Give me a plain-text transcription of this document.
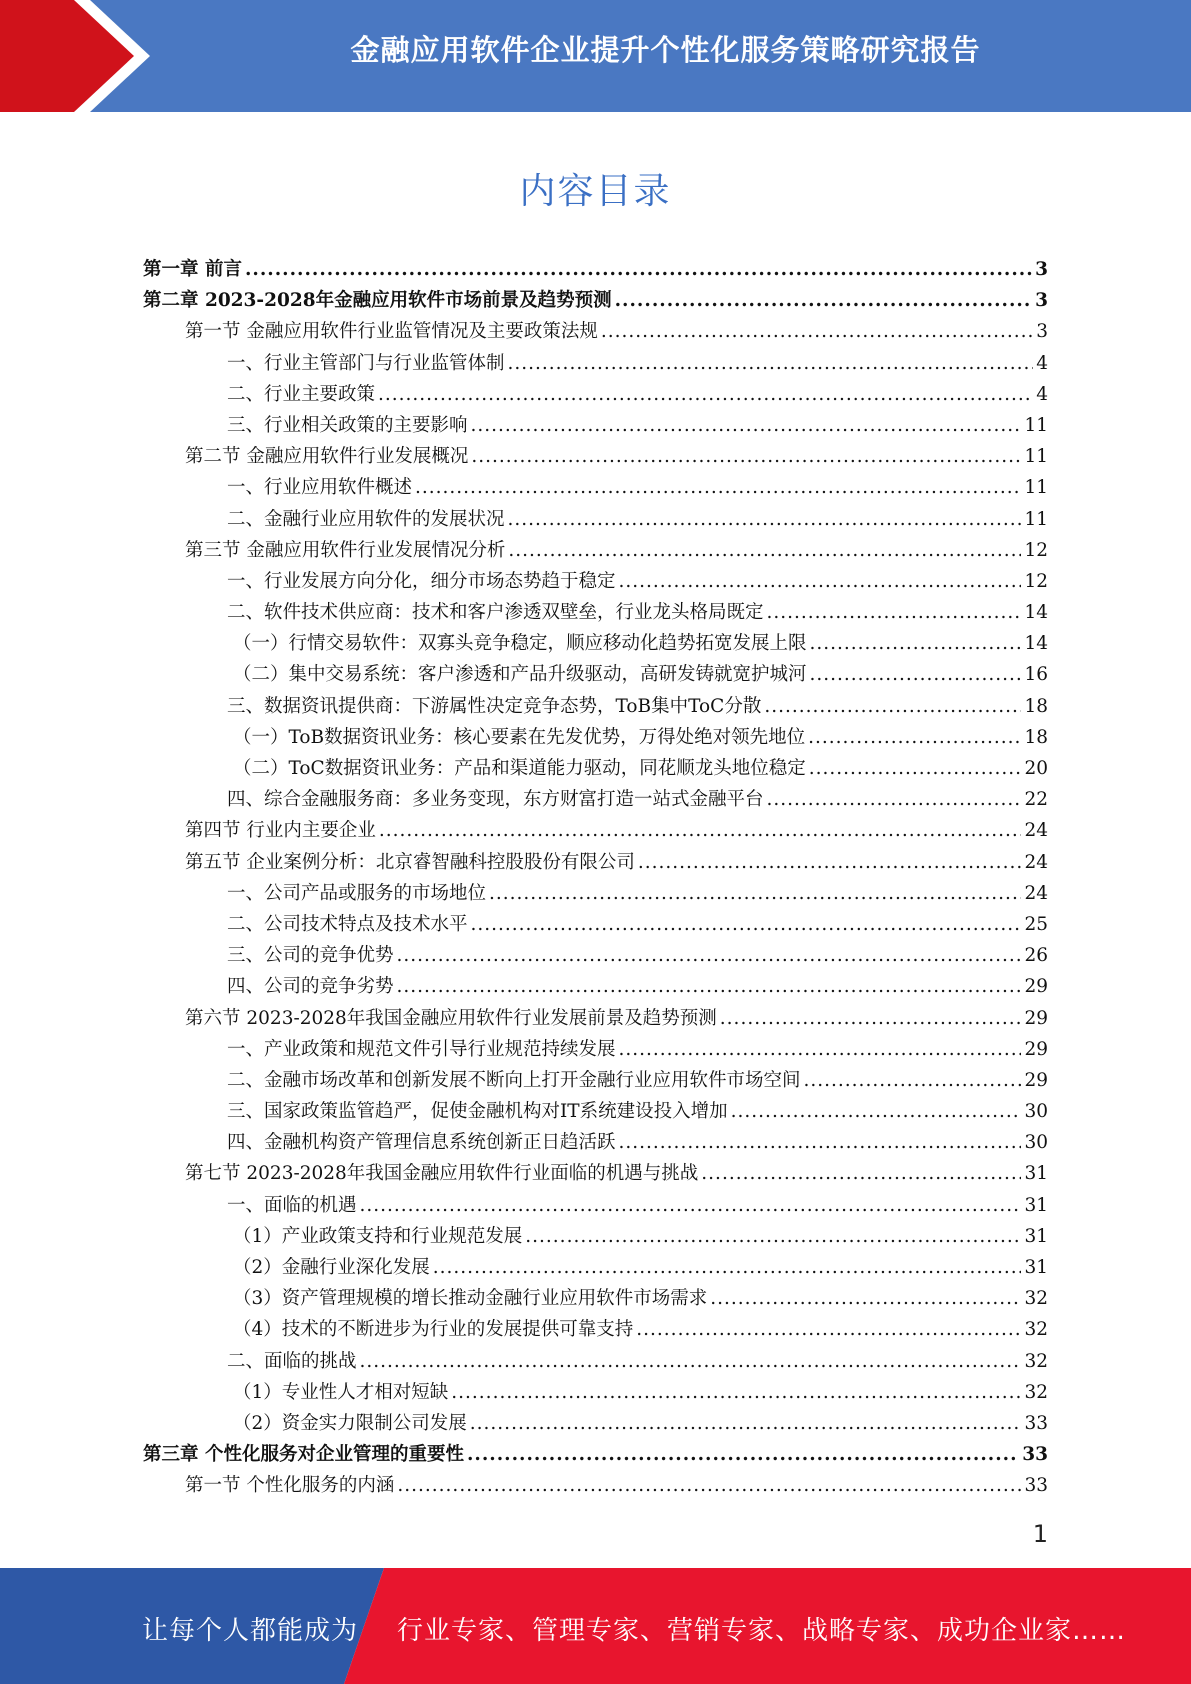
金融应用软件企业提升个性化服务策略研究报告
内容目录
第一章 前言 .....	3
第二章 2023-2028年金融应用软件市场前景及趋势预测 .....	3
第一节 金融应用软件行业监管情况及主要政策法规 .....	3
一、行业主管部门与行业监管体制 .....	4
二、行业主要政策 .....	4
三、行业相关政策的主要影响 .....	11
第二节 金融应用软件行业发展概况 .....	11
一、行业应用软件概述 .....	11
二、金融行业应用软件的发展状况 .....	11
第三节 金融应用软件行业发展情况分析 .....	12
一、行业发展方向分化，细分市场态势趋于稳定 .....	12
二、软件技术供应商：技术和客户渗透双壁垒，行业龙头格局既定 .....	14
（一）行情交易软件：双寡头竞争稳定，顺应移动化趋势拓宽发展上限 .....	14
（二）集中交易系统：客户渗透和产品升级驱动，高研发铸就宽护城河 .....	16
三、数据资讯提供商：下游属性决定竞争态势，ToB集中ToC分散 .....	18
（一）ToB数据资讯业务：核心要素在先发优势，万得处绝对领先地位 .....	18
（二）ToC数据资讯业务：产品和渠道能力驱动，同花顺龙头地位稳定 .....	20
四、综合金融服务商：多业务变现，东方财富打造一站式金融平台 .....	22
第四节 行业内主要企业 .....	24
第五节 企业案例分析：北京睿智融科控股股份有限公司 .....	24
一、公司产品或服务的市场地位 .....	24
二、公司技术特点及技术水平 .....	25
三、公司的竞争优势 .....	26
四、公司的竞争劣势 .....	29
第六节 2023-2028年我国金融应用软件行业发展前景及趋势预测 .....	29
一、产业政策和规范文件引导行业规范持续发展 .....	29
二、金融市场改革和创新发展不断向上打开金融行业应用软件市场空间 .....	29
三、国家政策监管趋严，促使金融机构对IT系统建设投入增加 .....	30
四、金融机构资产管理信息系统创新正日趋活跃 .....	30
第七节 2023-2028年我国金融应用软件行业面临的机遇与挑战 .....	31
一、面临的机遇 .....	31
（1）产业政策支持和行业规范发展 .....	31
（2）金融行业深化发展 .....	31
（3）资产管理规模的增长推动金融行业应用软件市场需求 .....	32
（4）技术的不断进步为行业的发展提供可靠支持 .....	32
二、面临的挑战 .....	32
（1）专业性人才相对短缺 .....	32
（2）资金实力限制公司发展 .....	33
第三章 个性化服务对企业管理的重要性 .....	33
第一节 个性化服务的内涵 .....	33
1
让每个人都能成为 行业专家、管理专家、营销专家、战略专家、成功企业家……
